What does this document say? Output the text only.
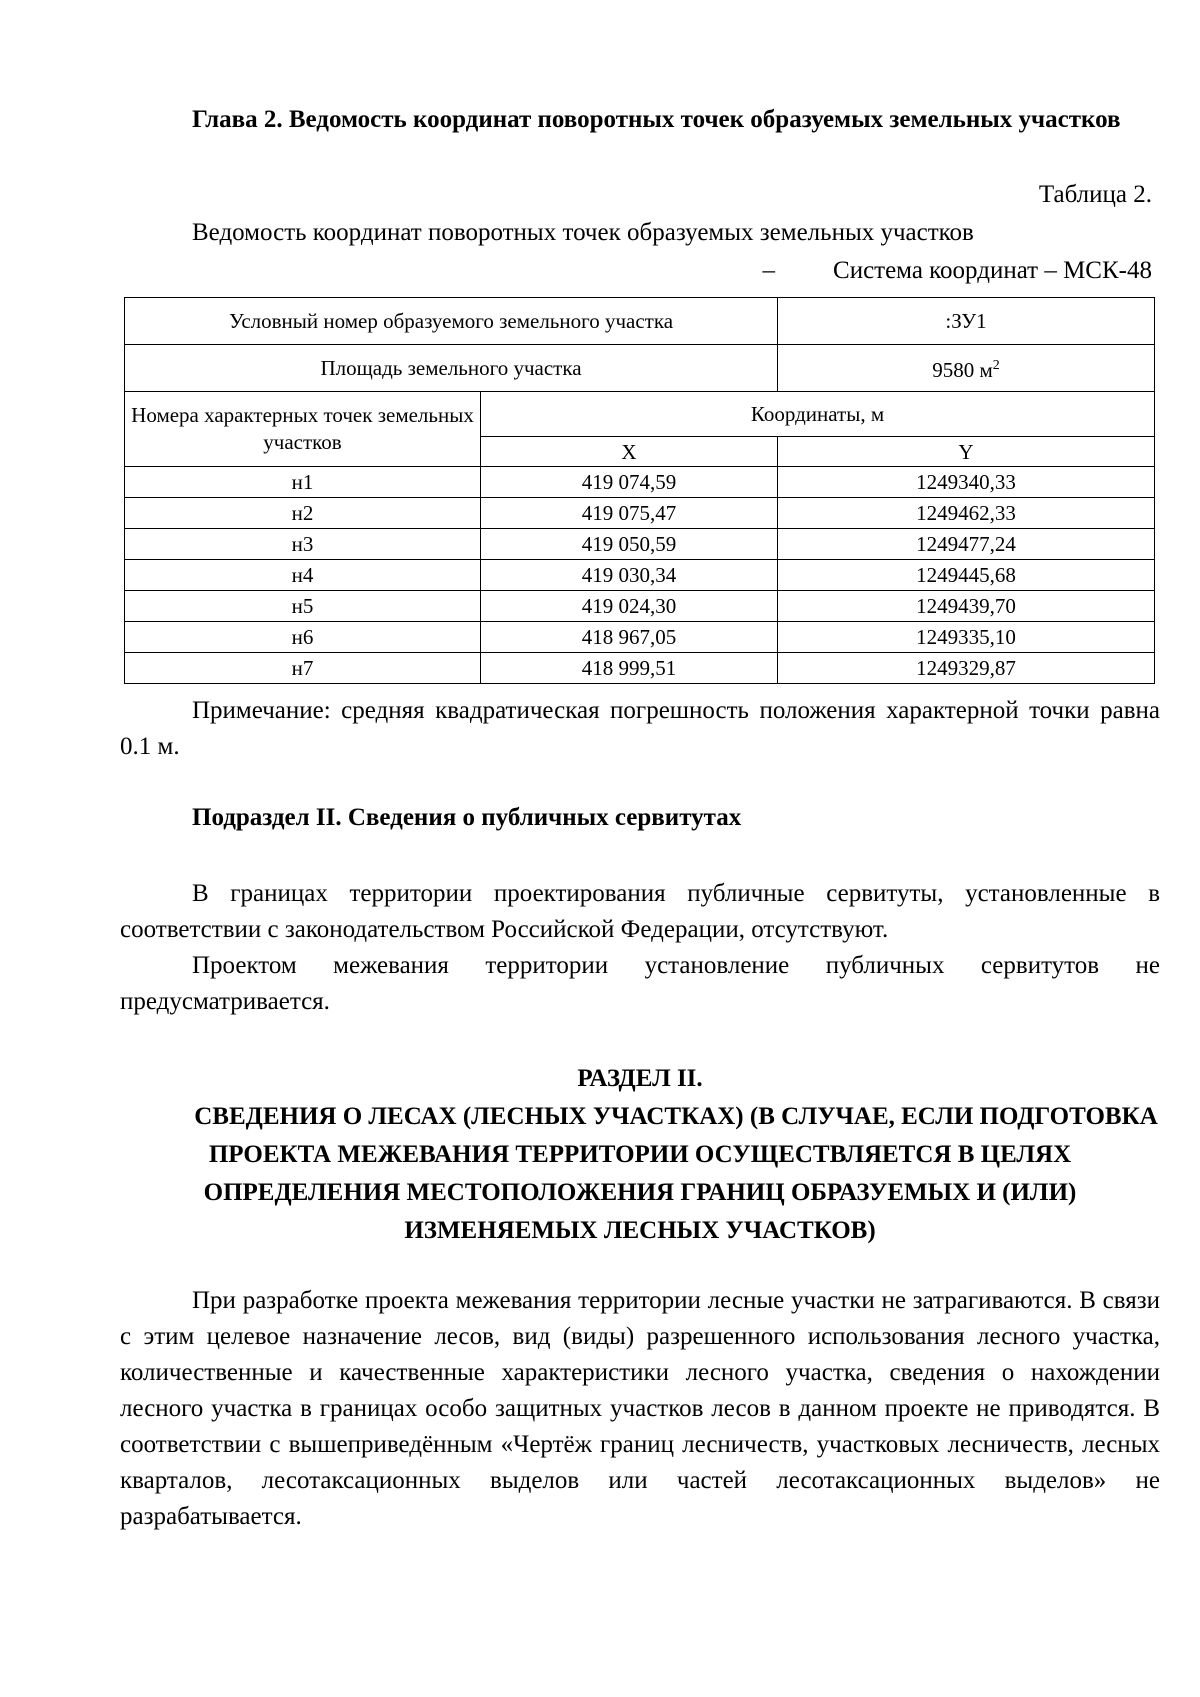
Глава 2. Ведомость координат поворотных точек образуемых земельных участков

Таблица 2.
Ведомость координат поворотных точек образуемых земельных участков
– Система координат – МСК-48
Условный номер образуемого земельного участка		:ЗУ1
Площадь земельного участка		9580 $м^2$
Номера характерных точек земельных участков	Координаты, м	
	X	Y
н1	419 074,59	1249340,33
н2	419 075,47	1249462,33
н3	419 050,59	1249477,24
н4	419 030,34	1249445,68
н5	419 024,30	1249439,70
н6	418 967,05	1249335,10
н7	418 999,51	1249329,87

Примечание: средняя квадратическая погрешность положения характерной точки равна 0.1 м.

Подраздел II. Сведения о публичных сервитутах

В границах территории проектирования публичные сервитуты, установленные в соответствии с законодательством Российской Федерации, отсутствуют.

Проектом межевания территории установление публичных сервитутов не предусматривается.

РАЗДЕЛ II.
СВЕДЕНИЯ О ЛЕСАХ (ЛЕСНЫХ УЧАСТКАХ) (В СЛУЧАЕ, ЕСЛИ ПОДГОТОВКА ПРОЕКТА МЕЖЕВАНИЯ ТЕРРИТОРИИ ОСУЩЕСТВЛЯЕТСЯ В ЦЕЛЯХ ОПРЕДЕЛЕНИЯ МЕСТОПОЛОЖЕНИЯ ГРАНИЦ ОБРАЗУЕМЫХ И (ИЛИ) ИЗМЕНЯЕМЫХ ЛЕСНЫХ УЧАСТКОВ)

При разработке проекта межевания территории лесные участки не затрагиваются. В связи с этим целевое назначение лесов, вид (виды) разрешенного использования лесного участка, количественные и качественные характеристики лесного участка, сведения о нахождении лесного участка в границах особо защитных участков лесов в данном проекте не приводятся. В соответствии с вышеприведённым «Чертёж границ лесничеств, участковых лесничеств, лесных кварталов, лесотаксационных выделов или частей лесотаксационных выделов» не разрабатывается.
